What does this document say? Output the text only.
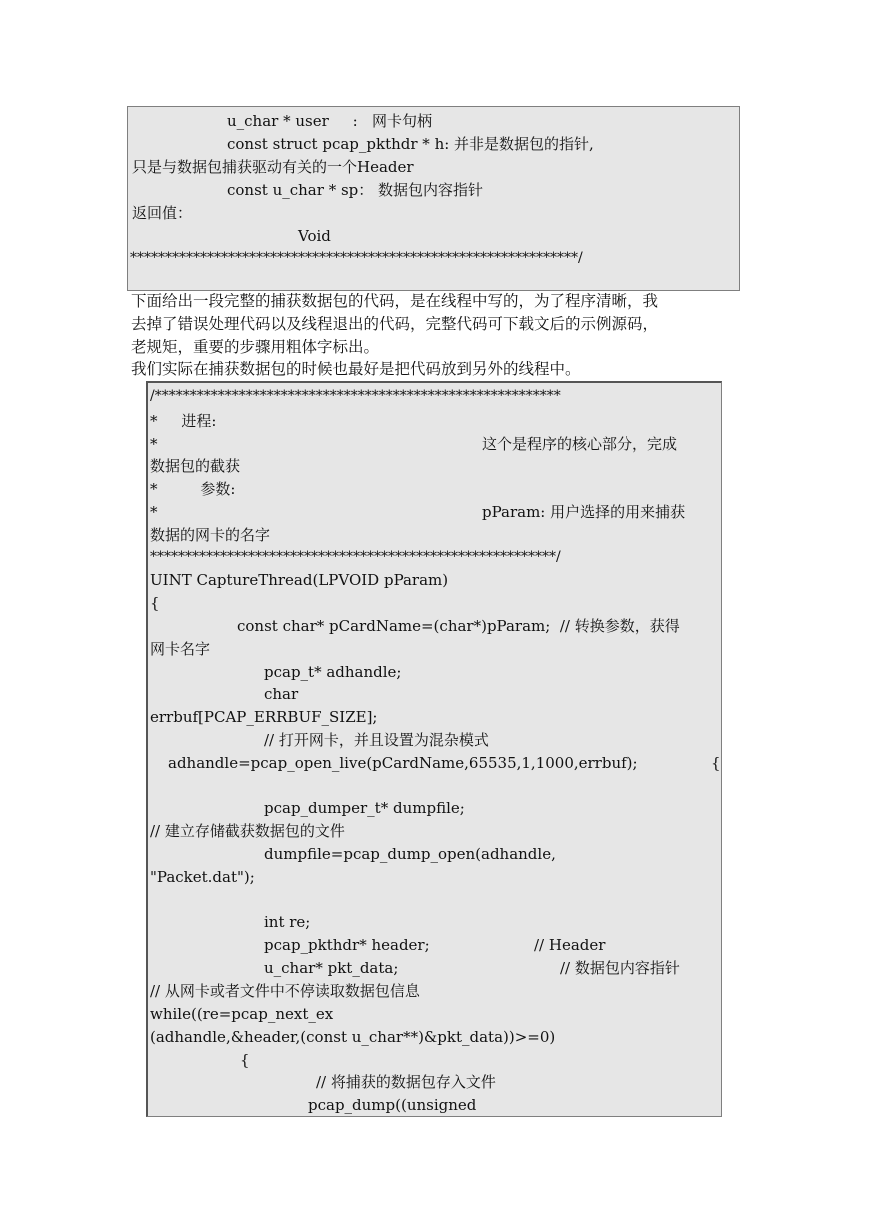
u_char * user     :   网卡句柄
const struct pcap_pkthdr * h: 并非是数据包的指针,
只是与数据包捕获驱动有关的一个Header
const u_char * sp： 数据包内容指针
返回值：
Void
****************************************************************/
下面给出一段完整的捕获数据包的代码，是在线程中写的，为了程序清晰，我
去掉了错误处理代码以及线程退出的代码，完整代码可下载文后的示例源码，
老规矩，重要的步骤用粗体字标出。
我们实际在捕获数据包的时候也最好是把代码放到另外的线程中。
/**********************************************************
*     进程:
*	这个是程序的核心部分，完成
数据包的截获
*         参数:
*	pParam: 用户选择的用来捕获
数据的网卡的名字
**********************************************************/
UINT CaptureThread(LPVOID pParam)
{
const char* pCardName=(char*)pParam;  // 转换参数，获得
网卡名字
pcap_t* adhandle;
char
errbuf[PCAP_ERRBUF_SIZE];
// 打开网卡，并且设置为混杂模式
adhandle=pcap_open_live(pCardName,65535,1,1000,errbuf);	{
pcap_dumper_t* dumpfile;
// 建立存储截获数据包的文件
dumpfile=pcap_dump_open(adhandle,
"Packet.dat");
int re;
pcap_pkthdr* header;	// Header
u_char* pkt_data;	// 数据包内容指针
// 从网卡或者文件中不停读取数据包信息
while((re=pcap_next_ex
(adhandle,&header,(const u_char**)&pkt_data))>=0)
{
// 将捕获的数据包存入文件
pcap_dump((unsigned
